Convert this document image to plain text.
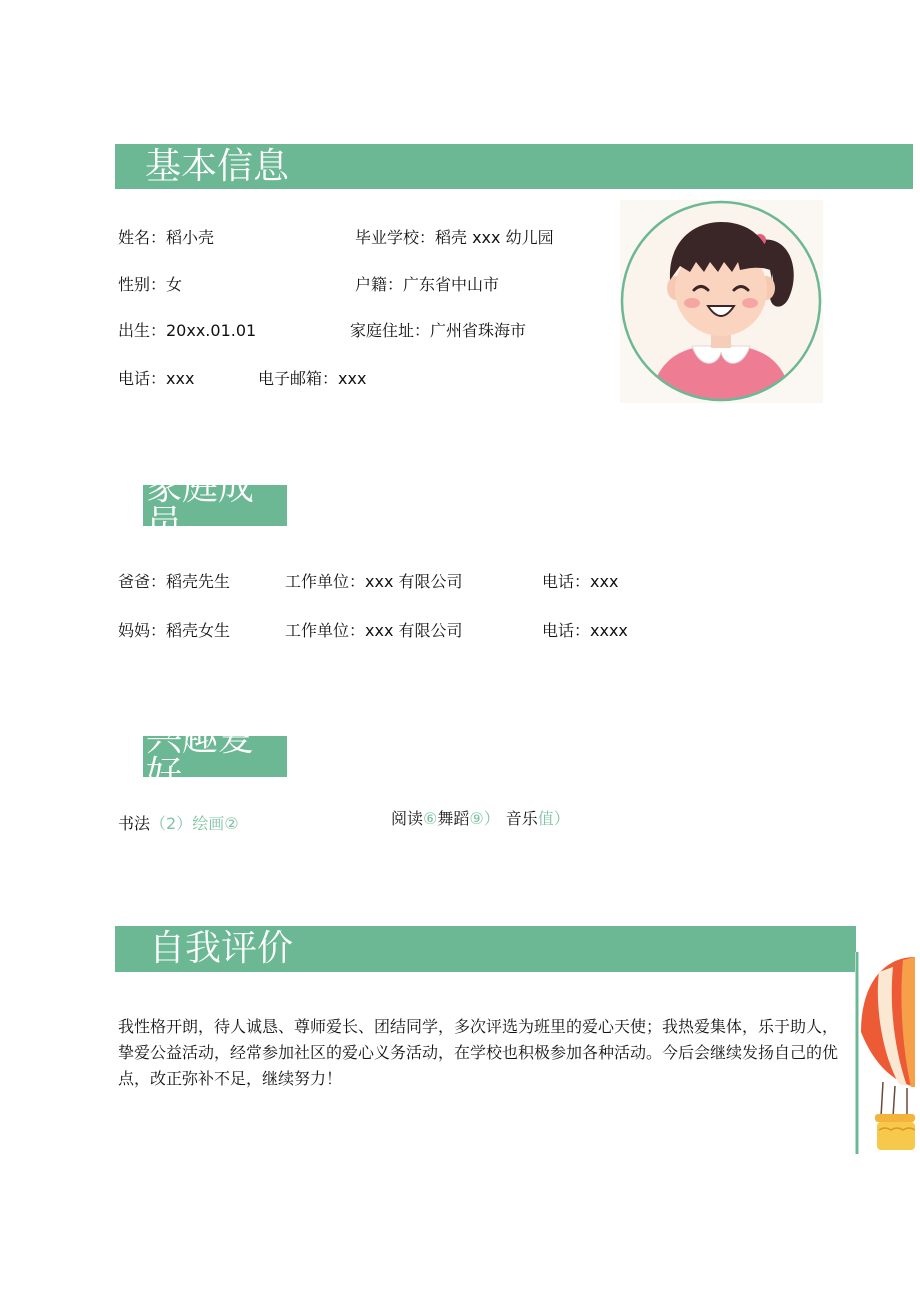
基本信息
姓名：稻小壳	毕业学校：稻壳 xxx 幼儿园
性别：女	户籍：广东省中山市
出生：20xx.01.01	家庭住址：广州省珠海市
电话：xxx	电子邮箱：xxx
家庭成员
爸爸：稻壳先生	工作单位：xxx 有限公司	电话：xxx
妈妈：稻壳女生	工作单位：xxx 有限公司	电话：xxxx
兴趣爱好
书法（2）绘画②	阅读⑥舞蹈⑨） 音乐值）
自我评价
我性格开朗，待人诚恳、尊师爱长、团结同学，多次评选为班里的爱心天使；我热爱集体，乐于助人，挚爱公益活动，经常参加社区的爱心义务活动，在学校也积极参加各种活动。今后会继续发扬自己的优点，改正弥补不足，继续努力！
